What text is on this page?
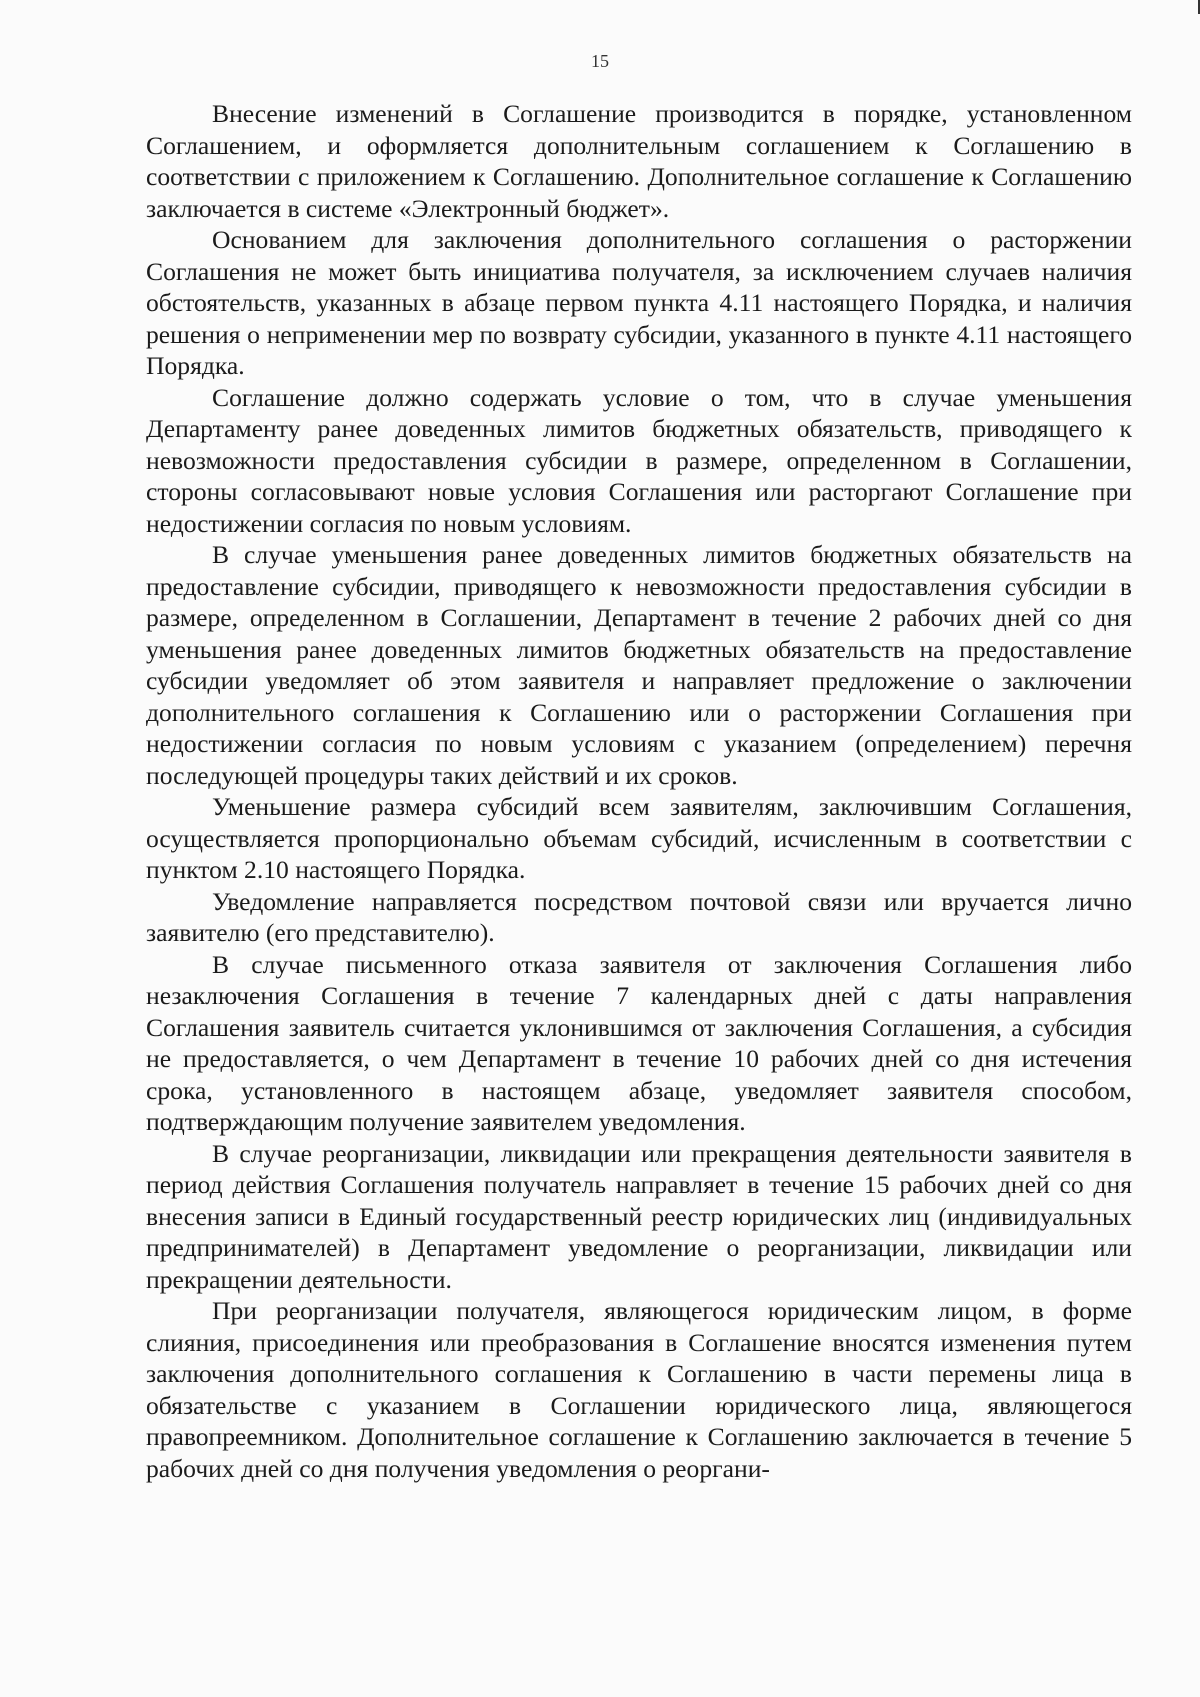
15

Внесение изменений в Соглашение производится в порядке, установленном Соглашением, и оформляется дополнительным соглашением к Соглашению в соответствии с приложением к Соглашению. Дополнительное соглашение к Соглашению заключается в системе «Электронный бюджет».

Основанием для заключения дополнительного соглашения о расторжении Соглашения не может быть инициатива получателя, за исключением случаев наличия обстоятельств, указанных в абзаце первом пункта 4.11 настоящего Порядка, и наличия решения о неприменении мер по возврату субсидии, указанного в пункте 4.11 настоящего Порядка.

Соглашение должно содержать условие о том, что в случае уменьшения Департаменту ранее доведенных лимитов бюджетных обязательств, приводящего к невозможности предоставления субсидии в размере, определенном в Соглашении, стороны согласовывают новые условия Соглашения или расторгают Соглашение при недостижении согласия по новым условиям.

В случае уменьшения ранее доведенных лимитов бюджетных обязательств на предоставление субсидии, приводящего к невозможности предоставления субсидии в размере, определенном в Соглашении, Департамент в течение 2 рабочих дней со дня уменьшения ранее доведенных лимитов бюджетных обязательств на предоставление субсидии уведомляет об этом заявителя и направляет предложение о заключении дополнительного соглашения к Соглашению или о расторжении Соглашения при недостижении согласия по новым условиям с указанием (определением) перечня последующей процедуры таких действий и их сроков.

Уменьшение размера субсидий всем заявителям, заключившим Соглашения, осуществляется пропорционально объемам субсидий, исчисленным в соответствии с пунктом 2.10 настоящего Порядка.

Уведомление направляется посредством почтовой связи или вручается лично заявителю (его представителю).

В случае письменного отказа заявителя от заключения Соглашения либо незаключения Соглашения в течение 7 календарных дней с даты направления Соглашения заявитель считается уклонившимся от заключения Соглашения, а субсидия не предоставляется, о чем Департамент в течение 10 рабочих дней со дня истечения срока, установленного в настоящем абзаце, уведомляет заявителя способом, подтверждающим получение заявителем уведомления.

В случае реорганизации, ликвидации или прекращения деятельности заявителя в период действия Соглашения получатель направляет в течение 15 рабочих дней со дня внесения записи в Единый государственный реестр юридических лиц (индивидуальных предпринимателей) в Департамент уведомление о реорганизации, ликвидации или прекращении деятельности.

При реорганизации получателя, являющегося юридическим лицом, в форме слияния, присоединения или преобразования в Соглашение вносятся изменения путем заключения дополнительного соглашения к Соглашению в части перемены лица в обязательстве с указанием в Соглашении юридического лица, являющегося правопреемником. Дополнительное соглашение к Соглашению заключается в течение 5 рабочих дней со дня получения уведомления о реоргани-
